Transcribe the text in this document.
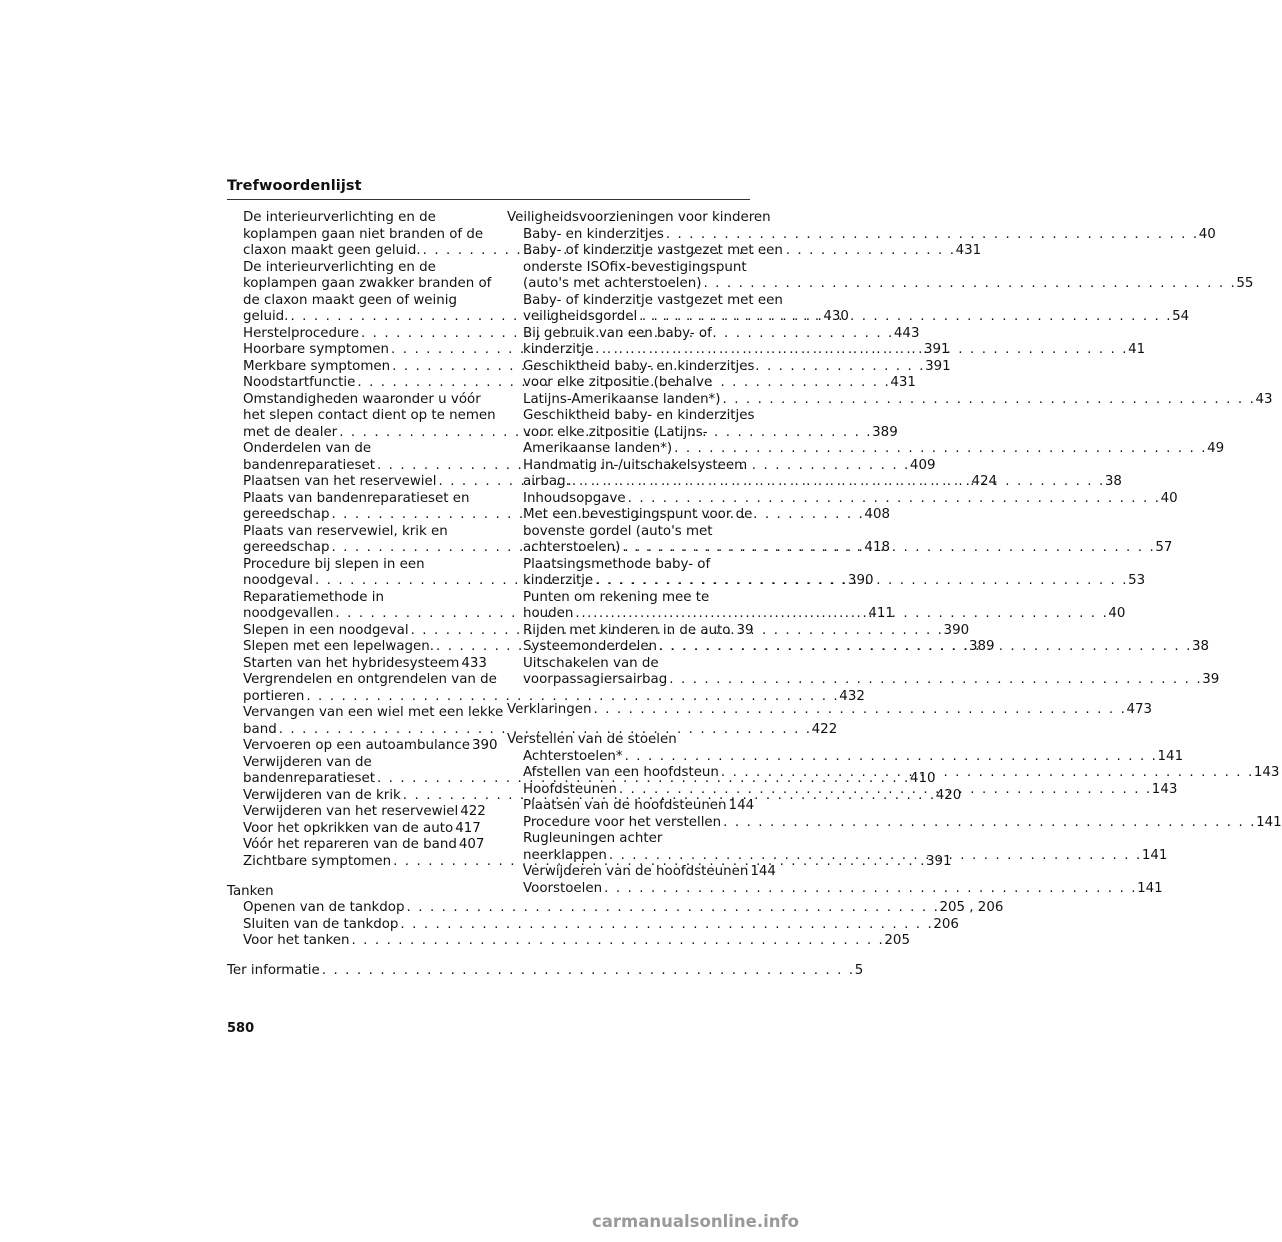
Trefwoordenlijst
De interieurverlichting en de
koplampen gaan niet branden of de
claxon maakt geen geluid. . . .	431
De interieurverlichting en de
koplampen gaan zwakker branden of
de claxon maakt geen of weinig
geluid. . . .	430
Herstelprocedure . . .	443
Hoorbare symptomen . . .	391
Merkbare symptomen . . .	391
Noodstartfunctie . . .	431
Omstandigheden waaronder u vóór
het slepen contact dient op te nemen
met de dealer . . .	389
Onderdelen van de
bandenreparatieset . . .	409
Plaatsen van het reservewiel . . .	424
Plaats van bandenreparatieset en
gereedschap . . .	408
Plaats van reservewiel, krik en
gereedschap . . .	418
Procedure bij slepen in een
noodgeval . . .	390
Reparatiemethode in
noodgevallen . . .	411
Slepen in een noodgeval . . .	390
Slepen met een lepelwagen. . . .	389
Starten van het hybridesysteem . . . 433
Vergrendelen en ontgrendelen van de
portieren . . .	432
Vervangen van een wiel met een lekke
band . . .	422
Vervoeren op een autoambulance . . . 390
Verwijderen van de
bandenreparatieset . . .	410
Verwijderen van de krik . . .	420
Verwijderen van het reservewiel . . . 422
Voor het opkrikken van de auto . . . 417
Vóór het repareren van de band . . . 407
Zichtbare symptomen . . .	391
Tanken
Openen van de tankdop . . .	205 , 206
Sluiten van de tankdop . . .	206
Voor het tanken . . .	205
Ter informatie . . .	5
Veiligheidsvoorzieningen voor kinderen
Baby- en kinderzitjes . . .	40
Baby- of kinderzitje vastgezet met een
onderste ISOfix-bevestigingspunt
(auto's met achterstoelen) . . .	55
Baby- of kinderzitje vastgezet met een
veiligheidsgordel . . .	54
Bij gebruik van een baby- of
kinderzitje . . .	41
Geschiktheid baby- en kinderzitjes
voor elke zitpositie (behalve
Latijns-Amerikaanse landen*) . . .	43
Geschiktheid baby- en kinderzitjes
voor elke zitpositie (Latijns-
Amerikaanse landen*) . . .	49
Handmatig in-/uitschakelsysteem
airbag. . . .	38
Inhoudsopgave . . .	40
Met een bevestigingspunt voor de
bovenste gordel (auto's met
achterstoelen) . . .	57
Plaatsingsmethode baby- of
kinderzitje . . .	53
Punten om rekening mee te
houden . . .	40
Rijden met kinderen in de auto. . . . 39
Systeemonderdelen . . .	38
Uitschakelen van de
voorpassagiersairbag . . .	39
Verklaringen . . .	473
Verstellen van de stoelen
Achterstoelen* . . .	141
Afstellen van een hoofdsteun . . .	143
Hoofdsteunen . . .	143
Plaatsen van de hoofdsteunen . . . 144
Procedure voor het verstellen . . .	141
Rugleuningen achter
neerklappen . . .	141
Verwijderen van de hoofdsteunen . . . 144
Voorstoelen . . .	141
580
carmanualsonline.info
